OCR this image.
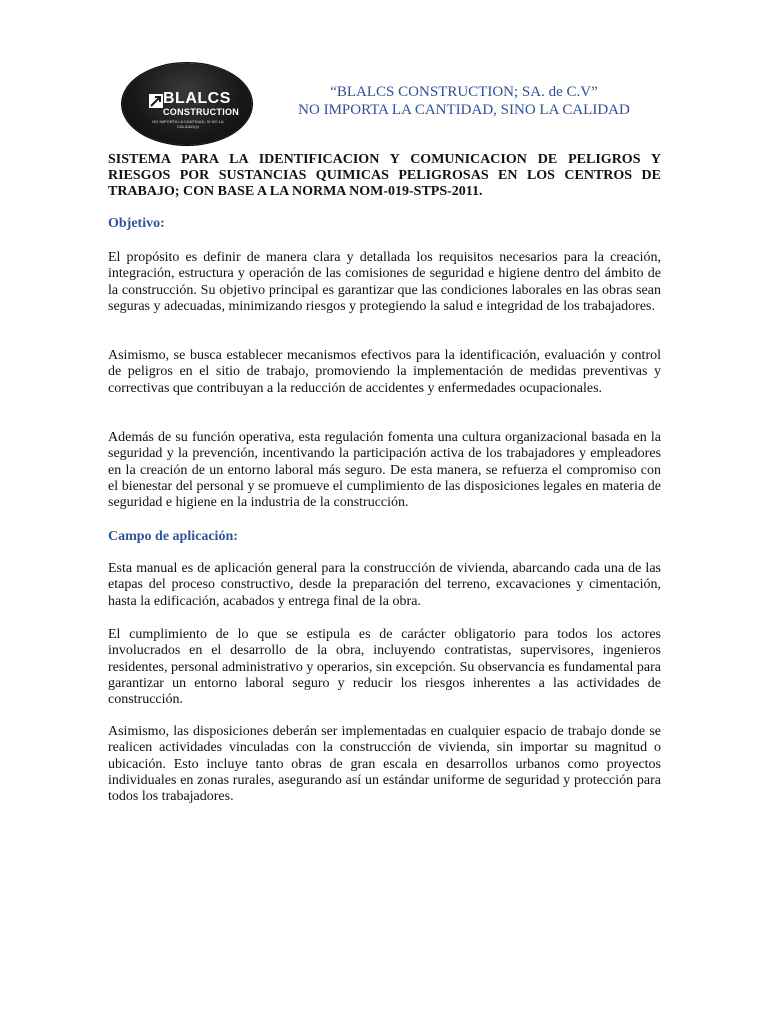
BLALCS
CONSTRUCTION
NO IMPORTA LA CANTIDAD, SI NO LA CALIDAD(c)
“BLALCS CONSTRUCTION; SA. de C.V”
NO IMPORTA LA CANTIDAD, SINO LA CALIDAD
SISTEMA PARA LA IDENTIFICACION Y COMUNICACION DE PELIGROS Y RIESGOS POR SUSTANCIAS QUIMICAS PELIGROSAS EN LOS CENTROS DE TRABAJO; CON BASE A LA NORMA NOM-019-STPS-2011.
Objetivo:
El propósito es definir de manera clara y detallada los requisitos necesarios para la creación, integración, estructura y operación de las comisiones de seguridad e higiene dentro del ámbito de la construcción. Su objetivo principal es garantizar que las condiciones laborales en las obras sean seguras y adecuadas, minimizando riesgos y protegiendo la salud e integridad de los trabajadores.
Asimismo, se busca establecer mecanismos efectivos para la identificación, evaluación y control de peligros en el sitio de trabajo, promoviendo la implementación de medidas preventivas y correctivas que contribuyan a la reducción de accidentes y enfermedades ocupacionales.
Además de su función operativa, esta regulación fomenta una cultura organizacional basada en la seguridad y la prevención, incentivando la participación activa de los trabajadores y empleadores en la creación de un entorno laboral más seguro. De esta manera, se refuerza el compromiso con el bienestar del personal y se promueve el cumplimiento de las disposiciones legales en materia de seguridad e higiene en la industria de la construcción.
Campo de aplicación:
Esta manual es de aplicación general para la construcción de vivienda, abarcando cada una de las etapas del proceso constructivo, desde la preparación del terreno, excavaciones y cimentación, hasta la edificación, acabados y entrega final de la obra.
El cumplimiento de lo que se estipula es de carácter obligatorio para todos los actores involucrados en el desarrollo de la obra, incluyendo contratistas, supervisores, ingenieros residentes, personal administrativo y operarios, sin excepción. Su observancia es fundamental para garantizar un entorno laboral seguro y reducir los riesgos inherentes a las actividades de construcción.
Asimismo, las disposiciones deberán ser implementadas en cualquier espacio de trabajo donde se realicen actividades vinculadas con la construcción de vivienda, sin importar su magnitud o ubicación. Esto incluye tanto obras de gran escala en desarrollos urbanos como proyectos individuales en zonas rurales, asegurando así un estándar uniforme de seguridad y protección para todos los trabajadores.
